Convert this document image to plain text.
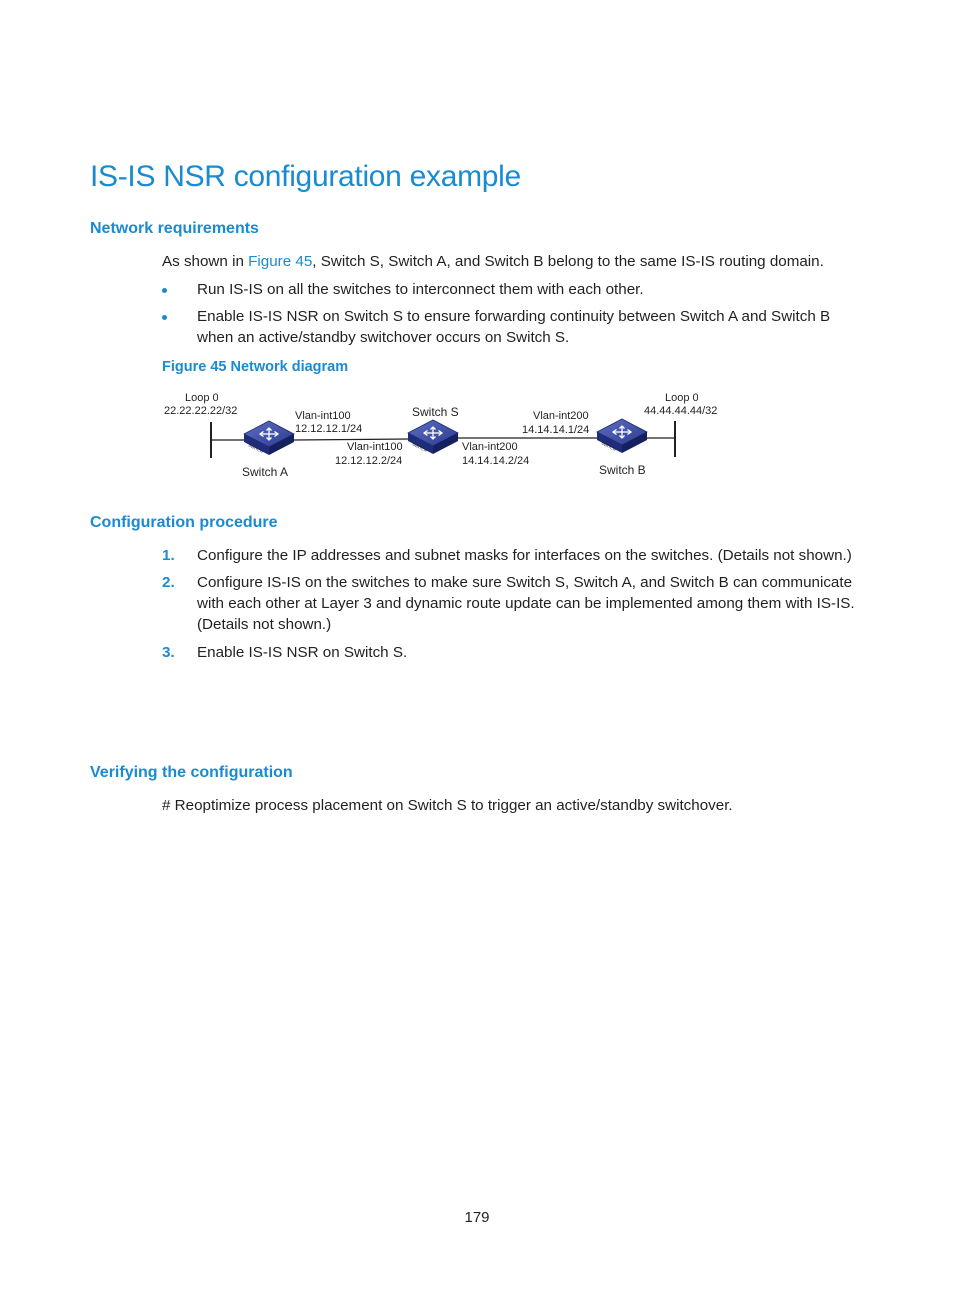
IS-IS NSR configuration example
Network requirements
As shown in Figure 45, Switch S, Switch A, and Switch B belong to the same IS-IS routing domain.
Run IS-IS on all the switches to interconnect them with each other.
Enable IS-IS NSR on Switch S to ensure forwarding continuity between Switch A and Switch B when an active/standby switchover occurs on Switch S.
Figure 45 Network diagram
SWITCH	SWITCH	SWITCH
Loop 0
22.22.22.22/32
Switch A
Vlan-int100
12.12.12.1/24
Switch S
Vlan-int100
12.12.12.2/24
Vlan-int200
14.14.14.2/24
Vlan-int200
14.14.14.1/24
Loop 0
44.44.44.44/32
Switch B
Configuration procedure
1. Configure the IP addresses and subnet masks for interfaces on the switches. (Details not shown.)
2. Configure IS-IS on the switches to make sure Switch S, Switch A, and Switch B can communicate with each other at Layer 3 and dynamic route update can be implemented among them with IS-IS. (Details not shown.)
3. Enable IS-IS NSR on Switch S.
Verifying the configuration
# Reoptimize process placement on Switch S to trigger an active/standby switchover.
179
